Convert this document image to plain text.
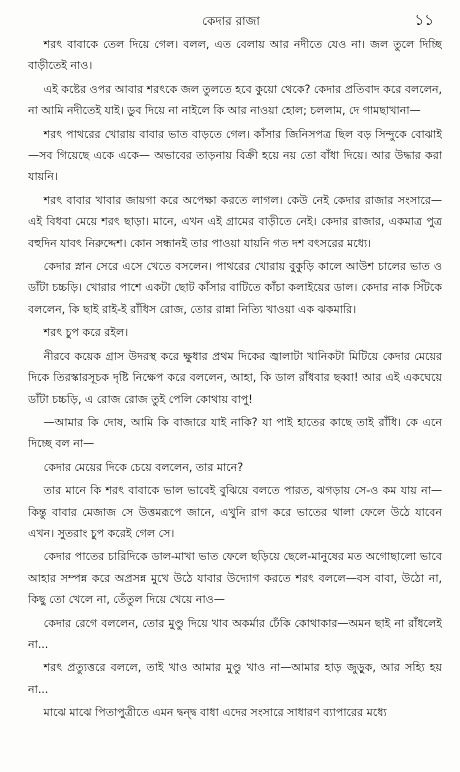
কেদার রাজা	১১

শরৎ বাবাকে তেল দিয়ে গেল। বলল, এত বেলায় আর নদীতে যেও না। জল তুলে দিচ্ছি বাড়ীতেই নাও।

এই কষ্টের ওপর আবার শরৎকে জল তুলতে হবে কুয়ো থেকে? কেদার প্রতিবাদ করে বললেন, না আমি নদীতেই যাই। ডুব দিয়ে না নাইলে কি আর নাওয়া হোল; চললাম, দে গামছাখানা—

শরৎ পাথরের খোরায় বাবার ভাত বাড়তে গেল। কাঁসার জিনিসপত্র ছিল বড় সিন্দুকে বোঝাই—সব গিয়েছে একে একে— অভাবের তাড়নায় বিক্রী হয়ে নয় তো বাঁধা দিয়ে। আর উদ্ধার করা যায়নি।

শরৎ বাবার খাবার জায়গা করে অপেক্ষা করতে লাগল। কেউ নেই কেদার রাজার সংসারে—এই বিধবা মেয়ে শরৎ ছাড়া। মানে, এখন এই গ্রামের বাড়ীতে নেই। কেদার রাজার, একমাত্র পুত্র বহুদিন যাবৎ নিরুদ্দেশ। কোন সন্ধানই তার পাওয়া যায়নি গত দশ বৎসরের মধ্যে।

কেদার স্নান সেরে এসে খেতে বসলেন। পাথরের খোরায় বুকুড়ি কালে আউশ চালের ভাত ও ডাঁটা চচ্চড়ি। খোরার পাশে একটা ছোট কাঁসার বাটিতে কাঁচা কলাইয়ের ডাল। কেদার নাক সিঁটকে বললেন, কি ছাই রাই-ই রাঁধিস রোজ, তোর রান্না নিত্যি খাওয়া এক ঝকমারি।

শরৎ চুপ করে রইল।

নীরবে কয়েক গ্রাস উদরস্থ করে ক্ষুধার প্রথম দিকের জ্বালাটা খানিকটা মিটিয়ে কেদার মেয়ের দিকে তিরস্কারসূচক দৃষ্টি নিক্ষেপ করে বললেন, আহা, কি ডাল রাঁধবার ছব্বা! আর এই একঘেয়ে ডাঁটা চচ্চড়ি, এ রোজ রোজ তুই পেলি কোথায় বাপু!

—আমার কি দোষ, আমি কি বাজারে যাই নাকি? যা পাই হাতের কাছে তাই রাঁধি। কে এনে দিচ্ছে বল না—

কেদার মেয়ের দিকে চেয়ে বললেন, তার মানে?

তার মানে কি শরৎ বাবাকে ভাল ভাবেই বুঝিয়ে বলতে পারত, ঝগড়ায় সে-ও কম যায় না—কিন্তু বাবার মেজাজ সে উত্তমরূপে জানে, এখুনি রাগ করে ভাতের থালা ফেলে উঠে যাবেন এখন। সুতরাং চুপ করেই গেল সে।

কেদার পাতের চারিদিকে ডাল-মাখা ভাত ফেলে ছড়িয়ে ছেলে-মানুষের মত অগোছালো ভাবে আহার সম্পন্ন করে অপ্রসন্ন মুখে উঠে যাবার উদ্যোগ করতে শরৎ বললে—বস বাবা, উঠো না, কিছু তো খেলে না, তেঁতুল দিয়ে খেয়ে নাও—

কেদার রেগে বললেন, তোর মুণ্ডু দিয়ে খাব অকর্মার ঢেঁকি কোথাকার—অমন ছাই না রাঁধলেই না...

শরৎ প্রত্যুত্তরে বললে, তাই খাও আমার মুণ্ডু খাও না—আমার হাড় জুড়ুক, আর সহ্যি হয় না...

মাঝে মাঝে পিতাপুত্রীতে এমন দ্বন্দ্ব বাধা এদের সংসারে সাধারণ ব্যাপারের মধ্যে
